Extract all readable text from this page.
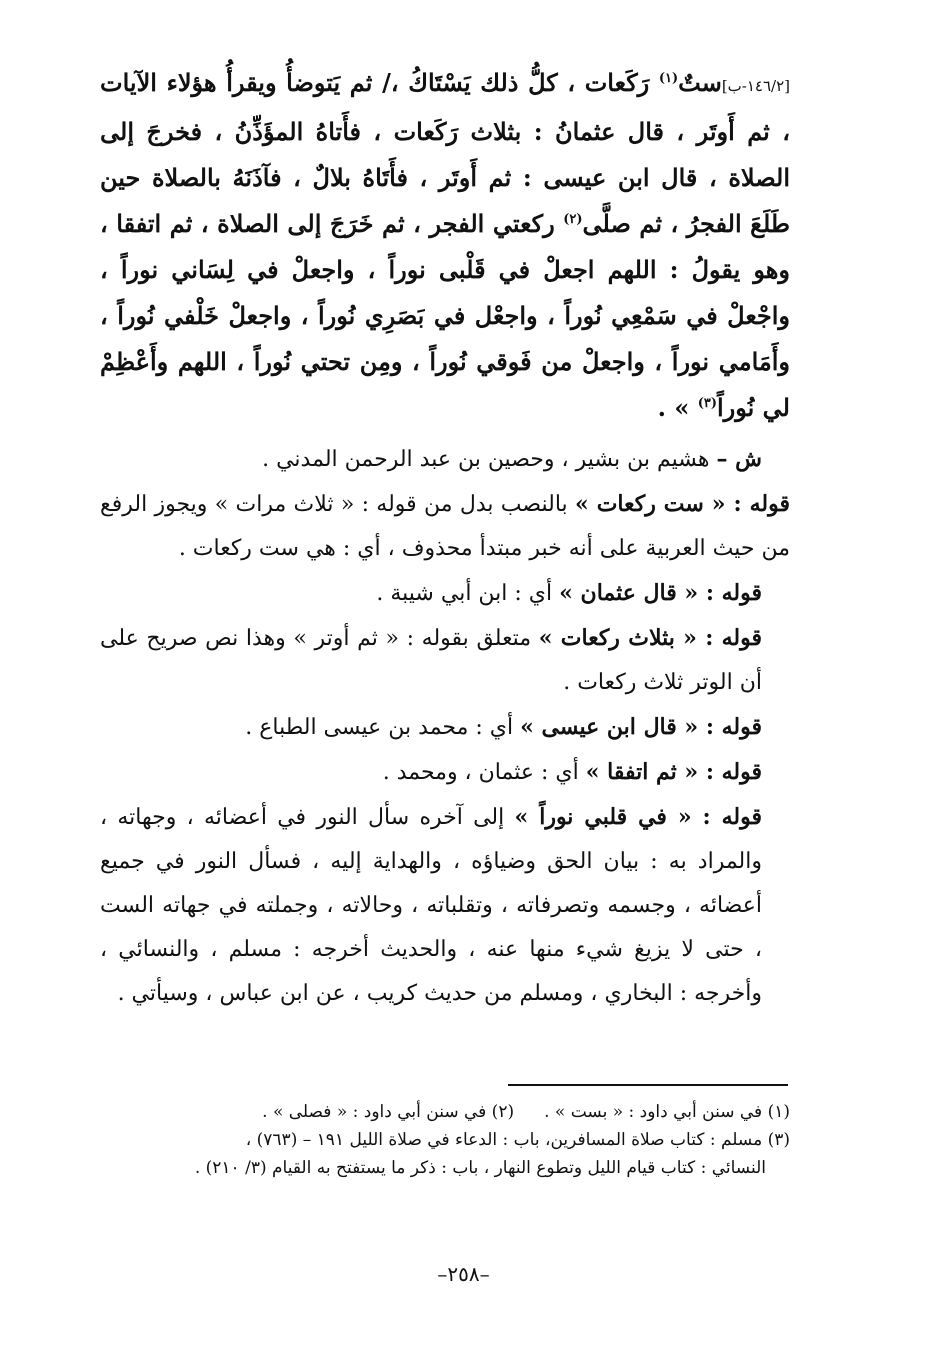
[١٤٦/٢-ب]ستٌ$^{(١)}$ رَكَعات ، كلُّ ذلك يَسْتَاكُ ،/ ثم يَتوضأُ ويقرأُ هؤلاء الآيات ، ثم أَوتَر ، قال عثمانُ : بثلاث رَكَعات ، فأَتاهُ المؤَذِّنُ ، فخرجَ إلى الصلاة ، قال ابن عيسى : ثم أَوتَر ، فأَتَاهُ بلالٌ ، فآذَنَهُ بالصلاة حين طَلَعَ الفجرُ ، ثم صلَّى$^{(٢)}$ ركعتي الفجر ، ثم خَرَجَ إلى الصلاة ، ثم اتفقا ، وهو يقولُ : اللهم اجعلْ في قَلْبى نوراً ، واجعلْ في لِسَاني نوراً ، واجْعلْ في سَمْعِي نُوراً ، واجعْل في بَصَرِي نُوراً ، واجعلْ خَلْفي نُوراً ، وأَمَامي نوراً ، واجعلْ من فَوقي نُوراً ، ومِن تحتي نُوراً ، اللهم وأَعْظِمْ لي نُوراً$^{(٣)}$ » .

ش – هشيم بن بشير ، وحصين بن عبد الرحمن المدني .

قوله : « ست ركعات » بالنصب بدل من قوله : « ثلاث مرات » ويجوز الرفع من حيث العربية على أنه خبر مبتدأ محذوف ، أي : هي ست ركعات .

قوله : « قال عثمان » أي : ابن أبي شيبة .

قوله : « بثلاث ركعات » متعلق بقوله : « ثم أوتر » وهذا نص صريح على أن الوتر ثلاث ركعات .

قوله : « قال ابن عيسى » أي : محمد بن عيسى الطباع .

قوله : « ثم اتفقا » أي : عثمان ، ومحمد .

قوله : « في قلبي نوراً » إلى آخره سأل النور في أعضائه ، وجهاته ، والمراد به : بيان الحق وضياؤه ، والهداية إليه ، فسأل النور في جميع أعضائه ، وجسمه وتصرفاته ، وتقلباته ، وحالاته ، وجملته في جهاته الست ، حتى لا يزيغ شيء منها عنه ، والحديث أخرجه : مسلم ، والنسائي ، وأخرجه : البخاري ، ومسلم من حديث كريب ، عن ابن عباس ، وسيأتي .

(١) في سنن أبي داود : « بست » .(٢) في سنن أبي داود : « فصلى » .

(٣) مسلم : كتاب صلاة المسافرين، باب : الدعاء في صلاة الليل ١٩١ – (٧٦٣) ،

النسائي : كتاب قيام الليل وتطوع النهار ، باب : ذكر ما يستفتح به القيام (٣/ ٢١٠) .

–٢٥٨–
